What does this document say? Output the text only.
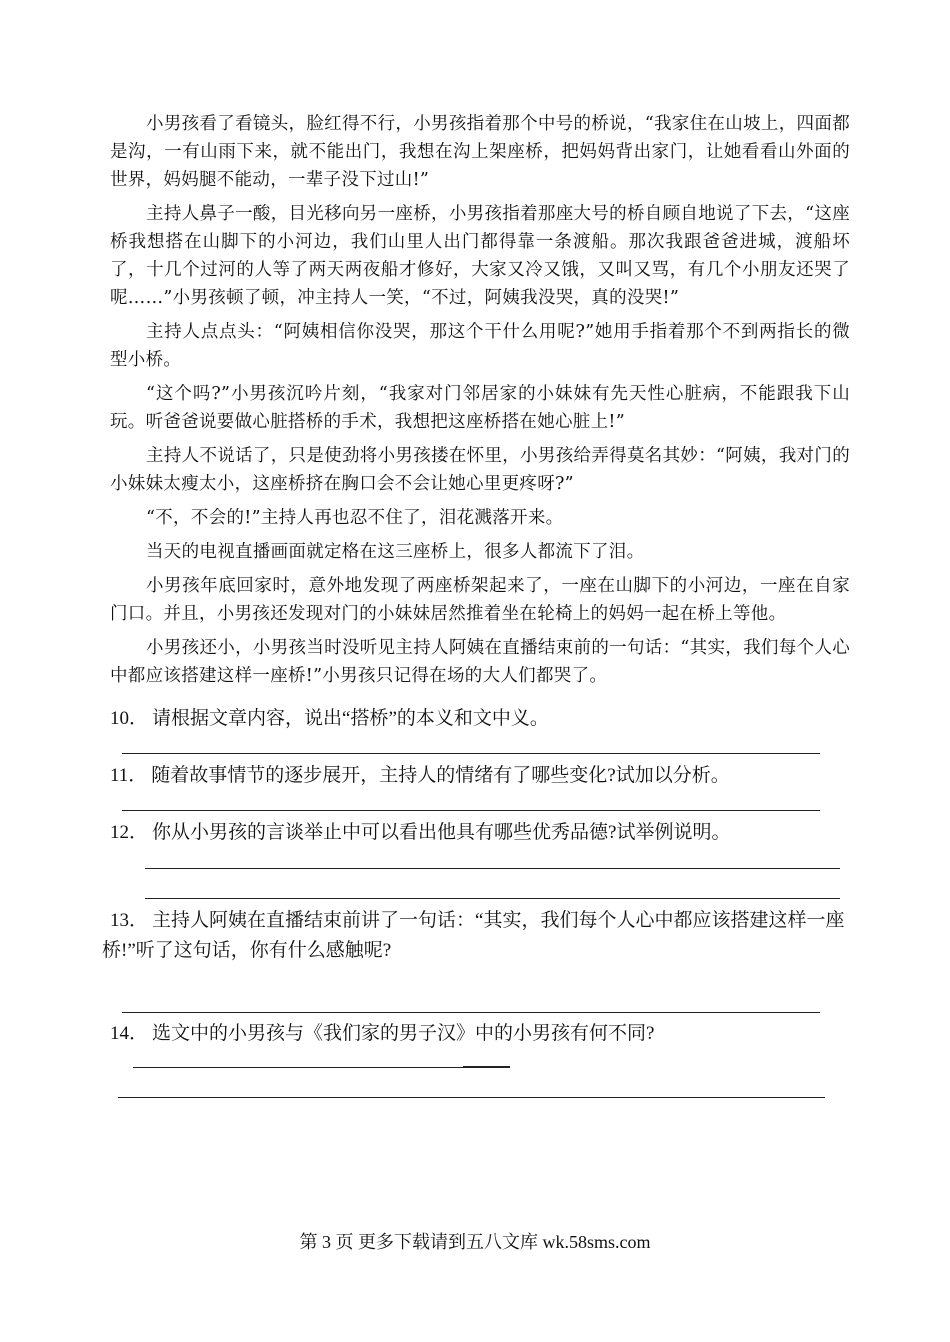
小男孩看了看镜头，脸红得不行，小男孩指着那个中号的桥说，“我家住在山坡上，四面都是沟，一有山雨下来，就不能出门，我想在沟上架座桥，把妈妈背出家门，让她看看山外面的世界，妈妈腿不能动，一辈子没下过山!”

主持人鼻子一酸，目光移向另一座桥，小男孩指着那座大号的桥自顾自地说了下去，“这座桥我想搭在山脚下的小河边，我们山里人出门都得靠一条渡船。那次我跟爸爸进城，渡船坏了，十几个过河的人等了两天两夜船才修好，大家又冷又饿，又叫又骂，有几个小朋友还哭了呢……”小男孩顿了顿，冲主持人一笑，“不过，阿姨我没哭，真的没哭!”

主持人点点头：“阿姨相信你没哭，那这个干什么用呢?”她用手指着那个不到两指长的微型小桥。

“这个吗?”小男孩沉吟片刻，“我家对门邻居家的小妹妹有先天性心脏病，不能跟我下山玩。听爸爸说要做心脏搭桥的手术，我想把这座桥搭在她心脏上!”

主持人不说话了，只是使劲将小男孩搂在怀里，小男孩给弄得莫名其妙：“阿姨，我对门的小妹妹太瘦太小，这座桥挤在胸口会不会让她心里更疼呀?”

“不，不会的!”主持人再也忍不住了，泪花溅落开来。

当天的电视直播画面就定格在这三座桥上，很多人都流下了泪。

小男孩年底回家时，意外地发现了两座桥架起来了，一座在山脚下的小河边，一座在自家门口。并且，小男孩还发现对门的小妹妹居然推着坐在轮椅上的妈妈一起在桥上等他。

小男孩还小，小男孩当时没听见主持人阿姨在直播结束前的一句话：“其实，我们每个人心中都应该搭建这样一座桥!”小男孩只记得在场的大人们都哭了。

10． 请根据文章内容，说出“搭桥”的本义和文中义。

11． 随着故事情节的逐步展开，主持人的情绪有了哪些变化?试加以分析。

12． 你从小男孩的言谈举止中可以看出他具有哪些优秀品德?试举例说明。

13． 主持人阿姨在直播结束前讲了一句话：“其实，我们每个人心中都应该搭建这样一座
桥!”听了这句话，你有什么感触呢?

14． 选文中的小男孩与《我们家的男子汉》中的小男孩有何不同?

第 3 页 更多下载请到五八文库 wk.58sms.com
